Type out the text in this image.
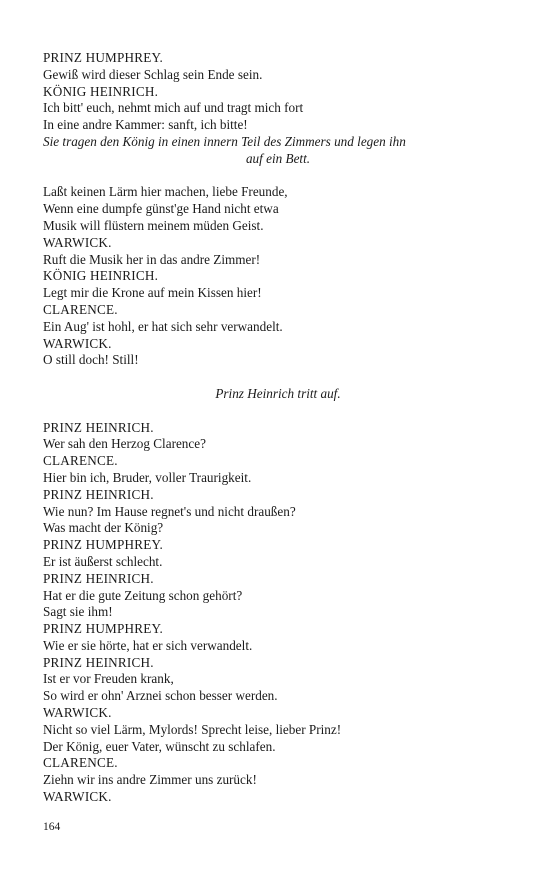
PRINZ HUMPHREY.
Gewiß wird dieser Schlag sein Ende sein.
KÖNIG HEINRICH.
Ich bitt' euch, nehmt mich auf und tragt mich fort
In eine andre Kammer: sanft, ich bitte!
Sie tragen den König in einen innern Teil des Zimmers und legen ihn
auf ein Bett.
Laßt keinen Lärm hier machen, liebe Freunde,
Wenn eine dumpfe günst'ge Hand nicht etwa
Musik will flüstern meinem müden Geist.
WARWICK.
Ruft die Musik her in das andre Zimmer!
KÖNIG HEINRICH.
Legt mir die Krone auf mein Kissen hier!
CLARENCE.
Ein Aug' ist hohl, er hat sich sehr verwandelt.
WARWICK.
O still doch! Still!
Prinz Heinrich tritt auf.
PRINZ HEINRICH.
Wer sah den Herzog Clarence?
CLARENCE.
Hier bin ich, Bruder, voller Traurigkeit.
PRINZ HEINRICH.
Wie nun? Im Hause regnet's und nicht draußen?
Was macht der König?
PRINZ HUMPHREY.
Er ist äußerst schlecht.
PRINZ HEINRICH.
Hat er die gute Zeitung schon gehört?
Sagt sie ihm!
PRINZ HUMPHREY.
Wie er sie hörte, hat er sich verwandelt.
PRINZ HEINRICH.
Ist er vor Freuden krank,
So wird er ohn' Arznei schon besser werden.
WARWICK.
Nicht so viel Lärm, Mylords! Sprecht leise, lieber Prinz!
Der König, euer Vater, wünscht zu schlafen.
CLARENCE.
Ziehn wir ins andre Zimmer uns zurück!
WARWICK.
164
